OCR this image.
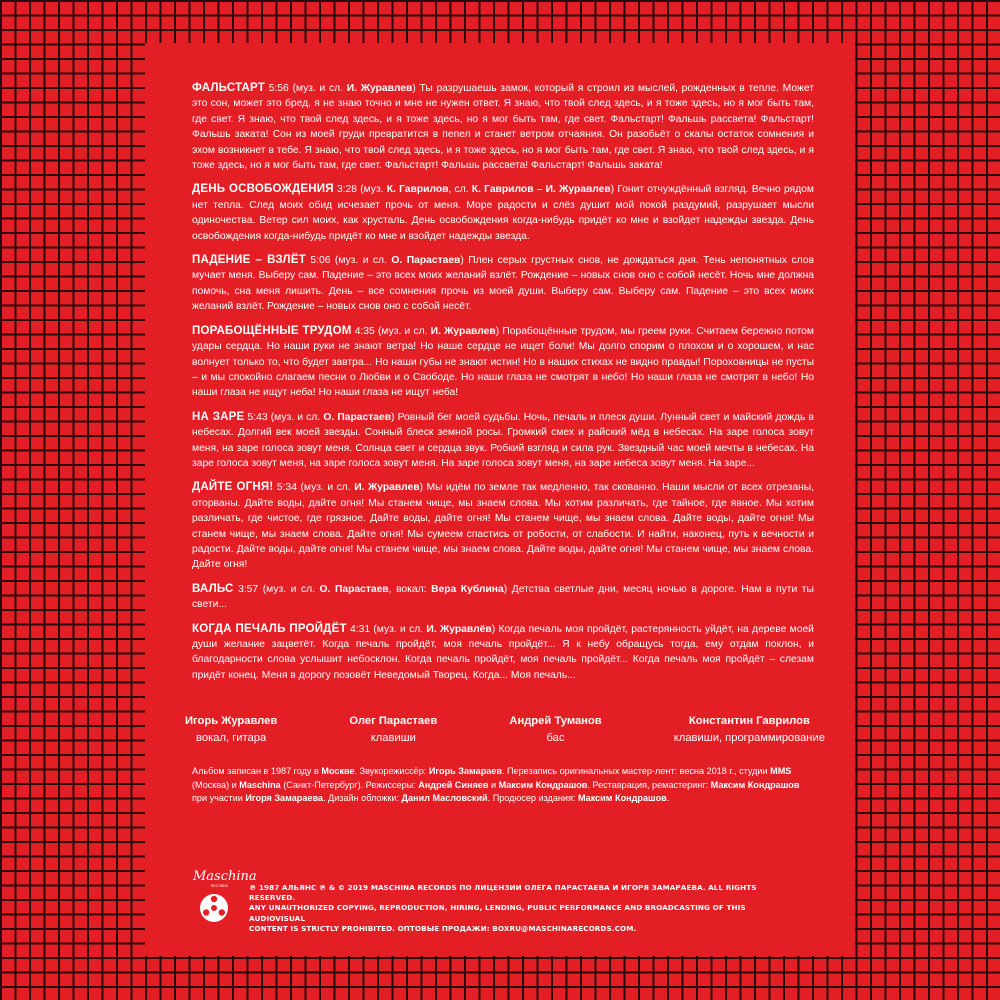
ФАЛЬСТАРТ 5:56 (муз. и сл. И. Журавлев) Ты разрушаешь замок, который я строил из мыслей, рожденных в тепле. Может это сон, может это бред, я не знаю точно и мне не нужен ответ. Я знаю, что твой след здесь, и я тоже здесь, но я мог быть там, где свет. Я знаю, что твой след здесь, и я тоже здесь, но я мог быть там, где свет. Фальстарт! Фальшь рассвета! Фальстарт! Фальшь заката! Сон из моей груди превратится в пепел и станет ветром отчаяния. Он разобьёт о скалы остаток сомнения и эхом возникнет в тебе. Я знаю, что твой след здесь, и я тоже здесь, но я мог быть там, где свет. Я знаю, что твой след здесь, и я тоже здесь, но я мог быть там, где свет. Фальстарт! Фальшь рассвета! Фальстарт! Фальшь заката!

ДЕНЬ ОСВОБОЖДЕНИЯ 3:28 (муз. К. Гаврилов, сл. К. Гаврилов – И. Журавлев) Гонит отчуждённый взгляд. Вечно рядом нет тепла. След моих обид исчезает прочь от меня. Море радости и слёз душит мой покой раздумий, разрушает мысли одиночества. Ветер сил моих, как хрусталь. День освобождения когда-нибудь придёт ко мне и взойдет надежды звезда. День освобождения когда-нибудь придёт ко мне и взойдет надежды звезда.

ПАДЕНИЕ – ВЗЛЁТ 5:06 (муз. и сл. О. Парастаев) Плен серых грустных снов, не дождаться дня. Тень непонятных слов мучает меня. Выберу сам. Падение – это всех моих желаний взлёт. Рождение – новых снов оно с собой несёт. Ночь мне должна помочь, сна меня лишить. День – все сомнения прочь из моей души. Выберу сам. Выберу сам. Падение – это всех моих желаний взлёт. Рождение – новых снов оно с собой несёт.

ПОРАБОЩЁННЫЕ ТРУДОМ 4:35 (муз. и сл. И. Журавлев) Порабощённые трудом, мы греем руки. Считаем бережно потом удары сердца. Но наши руки не знают ветра! Но наше сердце не ищет боли! Мы долго спорим о плохом и о хорошем, и нас волнует только то, что будет завтра... Но наши губы не знают истин! Но в наших стихах не видно правды! Пороховницы не пусты – и мы спокойно слагаем песни о Любви и о Свободе. Но наши глаза не смотрят в небо! Но наши глаза не смотрят в небо! Но наши глаза не ищут неба! Но наши глаза не ищут неба!

НА ЗАРЕ 5:43 (муз. и сл. О. Парастаев) Ровный бег моей судьбы. Ночь, печаль и плеск души. Лунный свет и майский дождь в небесах. Долгий век моей звезды. Сонный блеск земной росы. Громкий смех и райский мёд в небесах. На заре голоса зовут меня, на заре голоса зовут меня. Солнца свет и сердца звук. Робкий взгляд и сила рук. Звездный час моей мечты в небесах. На заре голоса зовут меня, на заре голоса зовут меня. На заре голоса зовут меня, на заре небеса зовут меня. На заре...

ДАЙТЕ ОГНЯ! 5:34 (муз. и сл. И. Журавлев) Мы идём по земле так медленно, так скованно. Наши мысли от всех отрезаны, оторваны. Дайте воды, дайте огня! Мы станем чище, мы знаем слова. Мы хотим различать, где тайное, где явное. Мы хотим различать, где чистое, где грязное. Дайте воды, дайте огня! Мы станем чище, мы знаем слова. Дайте воды, дайте огня! Мы станем чище, мы знаем слова. Дайте огня! Мы сумеем спастись от робости, от слабости. И найти, наконец, путь к вечности и радости. Дайте воды, дайте огня! Мы станем чище, мы знаем слова. Дайте воды, дайте огня! Мы станем чище, мы знаем слова. Дайте огня!

ВАЛЬС 3:57 (муз. и сл. О. Парастаев, вокал: Вера Кублина) Детства светлые дни, месяц ночью в дороге. Нам в пути ты свети...

КОГДА ПЕЧАЛЬ ПРОЙДЁТ 4:31 (муз. и сл. И. Журавлёв) Когда печаль моя пройдёт, растерянность уйдёт, на дереве моей души желание зацветёт. Когда печаль пройдёт, моя печаль пройдёт... Я к небу обращусь тогда, ему отдам поклон, и благодарности слова услышит небосклон. Когда печаль пройдёт, моя печаль пройдёт... Когда печаль моя пройдёт – слезам придёт конец. Меня в дорогу позовёт Неведомый Творец. Когда... Моя печаль...

Игорь Журавлев
вокал, гитара
Олег Парастаев
клавиши
Андрей Туманов
бас
Константин Гаврилов
клавиши, программирование
Альбом записан в 1987 году в Москве. Звукорежиссёр: Игорь Замараев. Перезапись оригинальных мастер-лент: весна 2018 г., студии MMS (Москва) и Maschina (Санкт-Петербург). Режиссеры: Андрей Синяев и Максим Кондрашов. Реставрация, ремастеринг: Максим Кондрашов при участии Игоря Замараева. Дизайн обложки: Данил Масловский. Продюсер издания: Максим Кондрашов.
Maschina
RECORDS	℗ 1987 АЛЬЯНС ℗ & © 2019 MASCHINA RECORDS ПО ЛИЦЕНЗИИ ОЛЕГА ПАРАСТАЕВА И ИГОРЯ ЗАМАРАЕВА. ALL RIGHTS RESERVED.
ANY UNAUTHORIZED COPYING, REPRODUCTION, HIRING, LENDING, PUBLIC PERFORMANCE AND BROADCASTING OF THIS AUDIOVISUAL
CONTENT IS STRICTLY PROHIBITED. ОПТОВЫЕ ПРОДАЖИ: BOXRU@MASCHINARECORDS.COM.
